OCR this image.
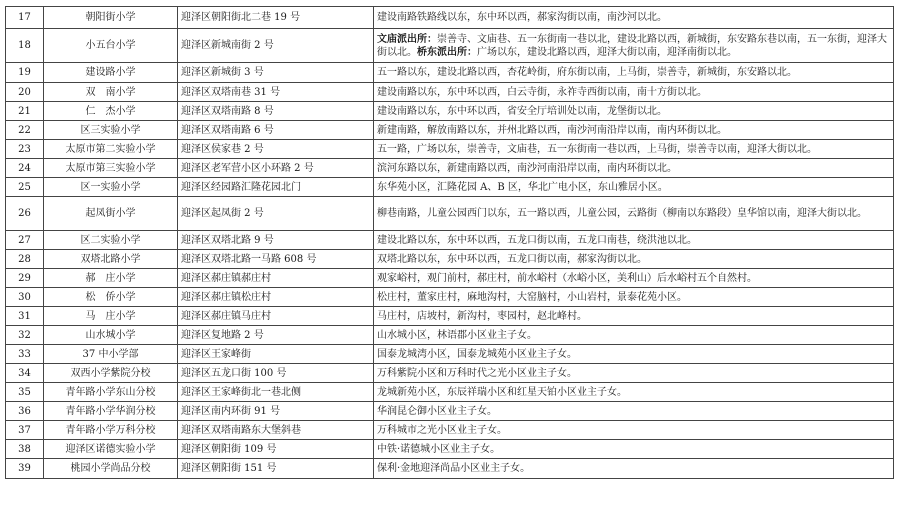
17	朝阳街小学	迎泽区朝阳街北二巷 19 号	建设南路铁路线以东，东中环以西，郝家沟街以南，南沙河以北。
18	小五台小学	迎泽区新城南街 2 号	文庙派出所：崇善寺、文庙巷、五一东街南一巷以北，建设北路以西，新城街，东安路东巷以南，五一东街，迎泽大街以北。桥东派出所：广场以东，建设北路以西，迎泽大街以南，迎泽南街以北。
19	建设路小学	迎泽区新城街 3 号	五一路以东，建设北路以西，杏花岭街，府东街以南，上马街，崇善寺，新城街，东安路以北。
20	双　南小学	迎泽区双塔南巷 31 号	建设南路以东，东中环以西，白云寺街，永祚寺西街以南，南十方街以北。
21	仁　杰小学	迎泽区双塔南路 8 号	建设南路以东，东中环以西，省安全厅培训处以南，龙堡街以北。
22	区三实验小学	迎泽区双塔南路 6 号	新建南路，解放南路以东，并州北路以西，南沙河南沿岸以南，南内环街以北。
23	太原市第二实验小学	迎泽区侯家巷 2 号	五一路，广场以东，崇善寺，文庙巷，五一东街南一巷以西，上马街，崇善寺以南，迎泽大街以北。
24	太原市第三实验小学	迎泽区老军营小区小环路 2 号	滨河东路以东，新建南路以西，南沙河南沿岸以南，南内环街以北。
25	区一实验小学	迎泽区经园路汇隆花园北门	东华苑小区，汇隆花园 A、B 区，华北广电小区，东山雅居小区。
26	起凤街小学	迎泽区起凤街 2 号	柳巷南路，儿童公园西门以东，五一路以西，儿童公园，云路街（柳南以东路段）皇华馆以南，迎泽大街以北。
27	区二实验小学	迎泽区双塔北路 9 号	建设北路以东，东中环以西，五龙口街以南，五龙口南巷，绕洪池以北。
28	双塔北路小学	迎泽区双塔北路一马路 608 号	双塔北路以东，东中环以西，五龙口街以南，郝家沟街以北。
29	郝　庄小学	迎泽区郝庄镇郝庄村	观家峪村，观门前村，郝庄村，前水峪村（水峪小区，美利山）后水峪村五个自然村。
30	松　侨小学	迎泽区郝庄镇松庄村	松庄村，董家庄村，麻地沟村，大窑脑村，小山岩村，景泰花苑小区。
31	马　庄小学	迎泽区郝庄镇马庄村	马庄村，店坡村，新沟村，枣园村，赵北峰村。
32	山水城小学	迎泽区复地路 2 号	山水城小区，林语郡小区业主子女。
33	37 中小学部	迎泽区王家峰街	国泰龙城湾小区，国泰龙城苑小区业主子女。
34	双西小学紫院分校	迎泽区五龙口街 100 号	万科紫院小区和万科时代之光小区业主子女。
35	青年路小学东山分校	迎泽区王家峰街北一巷北侧	龙城新苑小区，东辰祥瑞小区和红星天铂小区业主子女。
36	青年路小学华润分校	迎泽区南内环街 91 号	华润昆仑御小区业主子女。
37	青年路小学万科分校	迎泽区双塔南路东大堡斜巷	万科城市之光小区业主子女。
38	迎泽区诺德实验小学	迎泽区朝阳街 109 号	中铁·诺德城小区业主子女。
39	桃园小学尚品分校	迎泽区朝阳街 151 号	保利·金地迎泽尚品小区业主子女。
